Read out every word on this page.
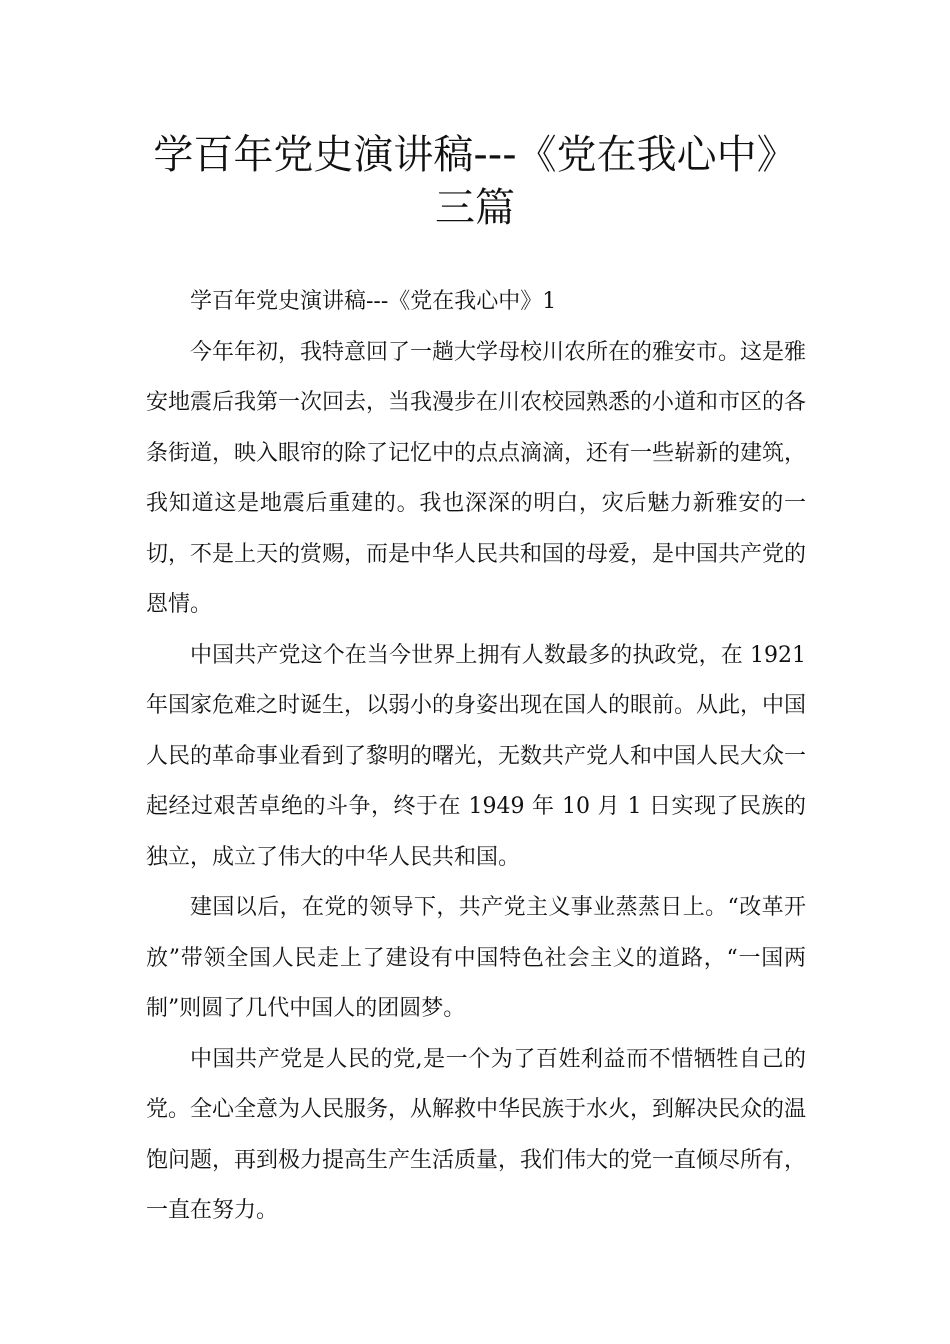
学百年党史演讲稿---《党在我心中》
三篇

学百年党史演讲稿---《党在我心中》1

今年年初，我特意回了一趟大学母校川农所在的雅安市。这是雅安地震后我第一次回去，当我漫步在川农校园熟悉的小道和市区的各条街道，映入眼帘的除了记忆中的点点滴滴，还有一些崭新的建筑，我知道这是地震后重建的。我也深深的明白，灾后魅力新雅安的一切，不是上天的赏赐，而是中华人民共和国的母爱，是中国共产党的恩情。

中国共产党这个在当今世界上拥有人数最多的执政党，在 1921 年国家危难之时诞生，以弱小的身姿出现在国人的眼前。从此，中国人民的革命事业看到了黎明的曙光，无数共产党人和中国人民大众一起经过艰苦卓绝的斗争，终于在 1949 年 10 月 1 日实现了民族的独立，成立了伟大的中华人民共和国。

建国以后，在党的领导下，共产党主义事业蒸蒸日上。“改革开放”带领全国人民走上了建设有中国特色社会主义的道路，“一国两制”则圆了几代中国人的团圆梦。

中国共产党是人民的党,是一个为了百姓利益而不惜牺牲自己的党。全心全意为人民服务，从解救中华民族于水火，到解决民众的温饱问题，再到极力提高生产生活质量，我们伟大的党一直倾尽所有，一直在努力。
